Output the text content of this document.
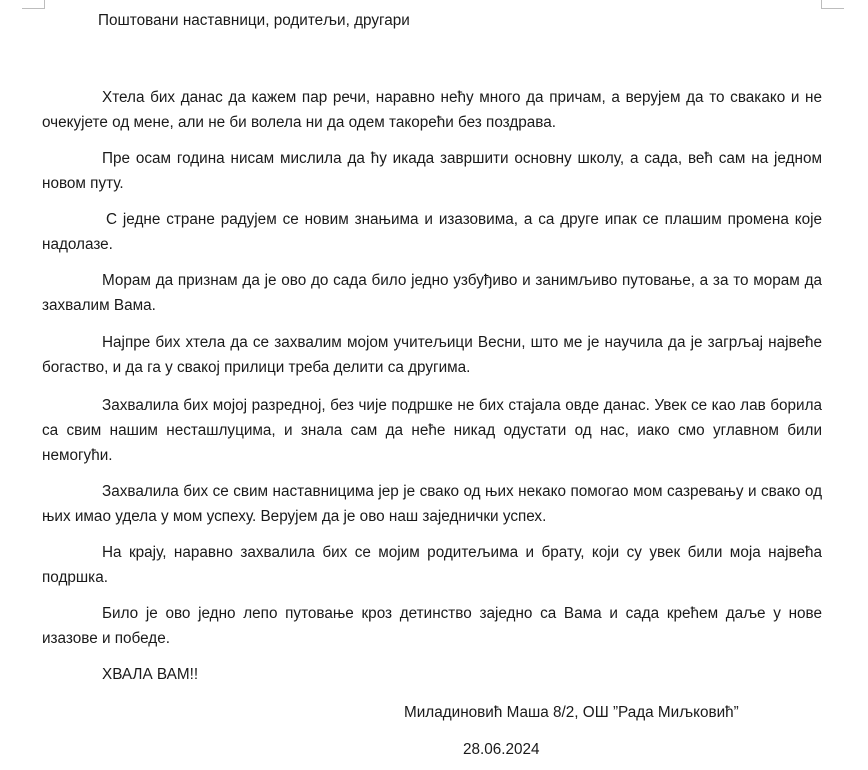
Поштовани наставници, родитељи, другари

Хтела бих данас да кажем пар речи, наравно нећу много да причам, а верујем да то свакако и не очекујете од мене, али не би волела ни да одем такорећи без поздрава.

Пре осам година нисам мислила да ћу икада завршити основну школу, а сада, већ сам на једном новом путу.

С једне стране радујем се новим знањима и изазовима, а са друге ипак се плашим промена које надолазе.

Морам да признам да је ово до сада било једно узбуђиво и занимљиво путовање, а за то морам да захвалим Вама.

Најпре бих хтела да се захвалим мојом учитељици Весни, што ме је научила да је загрљај највеће богаство, и да га у свакој прилици треба делити са другима.

Захвалила бих мојој разредној, без чије подршке не бих стајала овде данас. Увек се као лав борила са свим нашим несташлуцима, и знала сам да неће никад одустати од нас, иако смо углавном били немогући.

Захвалила бих се свим наставницима јер је свако од њих некако помогао мом сазревању и свако од њих имао удела у мом успеху. Верујем да је ово наш заједнички успех.

На крају, наравно захвалила бих се мојим родитељима и брату, који су увек били моја највећа подршка.

Било је ово једно лепо путовање кроз детинство заједно са Вама и сада крећем даље у нове изазове и победе.

ХВАЛА ВАМ!!
Миладиновић Маша 8/2, ОШ ”Рада Миљковић”
28.06.2024
